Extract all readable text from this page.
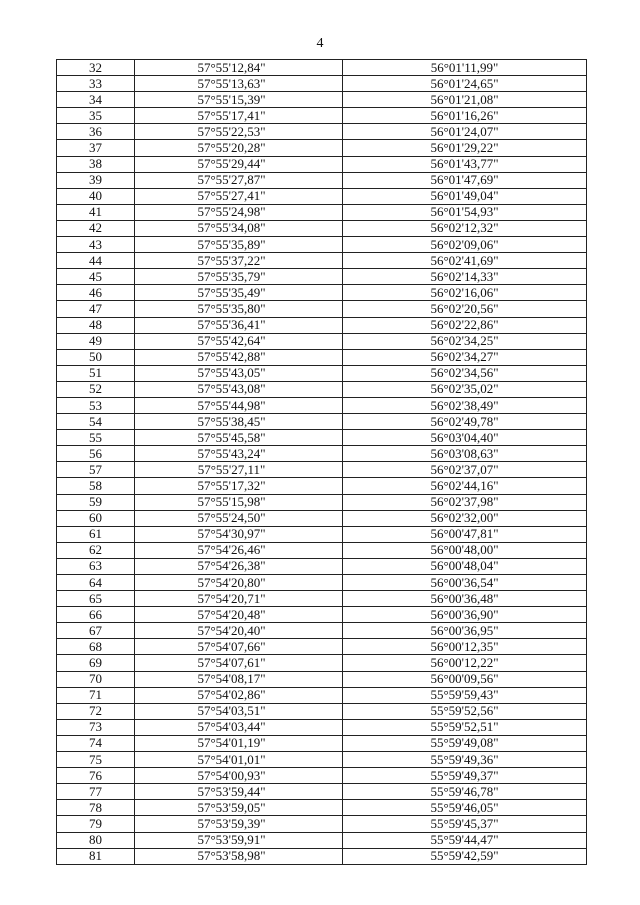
4
32	57°55'12,84"	56°01'11,99"
33	57°55'13,63"	56°01'24,65"
34	57°55'15,39"	56°01'21,08"
35	57°55'17,41"	56°01'16,26"
36	57°55'22,53"	56°01'24,07"
37	57°55'20,28"	56°01'29,22"
38	57°55'29,44"	56°01'43,77"
39	57°55'27,87"	56°01'47,69"
40	57°55'27,41"	56°01'49,04"
41	57°55'24,98"	56°01'54,93"
42	57°55'34,08"	56°02'12,32"
43	57°55'35,89"	56°02'09,06"
44	57°55'37,22"	56°02'41,69"
45	57°55'35,79"	56°02'14,33"
46	57°55'35,49"	56°02'16,06"
47	57°55'35,80"	56°02'20,56"
48	57°55'36,41"	56°02'22,86"
49	57°55'42,64"	56°02'34,25"
50	57°55'42,88"	56°02'34,27"
51	57°55'43,05"	56°02'34,56"
52	57°55'43,08"	56°02'35,02"
53	57°55'44,98"	56°02'38,49"
54	57°55'38,45"	56°02'49,78"
55	57°55'45,58"	56°03'04,40"
56	57°55'43,24"	56°03'08,63"
57	57°55'27,11"	56°02'37,07"
58	57°55'17,32"	56°02'44,16"
59	57°55'15,98"	56°02'37,98"
60	57°55'24,50"	56°02'32,00"
61	57°54'30,97"	56°00'47,81"
62	57°54'26,46"	56°00'48,00"
63	57°54'26,38"	56°00'48,04"
64	57°54'20,80"	56°00'36,54"
65	57°54'20,71"	56°00'36,48"
66	57°54'20,48"	56°00'36,90"
67	57°54'20,40"	56°00'36,95"
68	57°54'07,66"	56°00'12,35"
69	57°54'07,61"	56°00'12,22"
70	57°54'08,17"	56°00'09,56"
71	57°54'02,86"	55°59'59,43"
72	57°54'03,51"	55°59'52,56"
73	57°54'03,44"	55°59'52,51"
74	57°54'01,19"	55°59'49,08"
75	57°54'01,01"	55°59'49,36"
76	57°54'00,93"	55°59'49,37"
77	57°53'59,44"	55°59'46,78"
78	57°53'59,05"	55°59'46,05"
79	57°53'59,39"	55°59'45,37"
80	57°53'59,91"	55°59'44,47"
81	57°53'58,98"	55°59'42,59"
